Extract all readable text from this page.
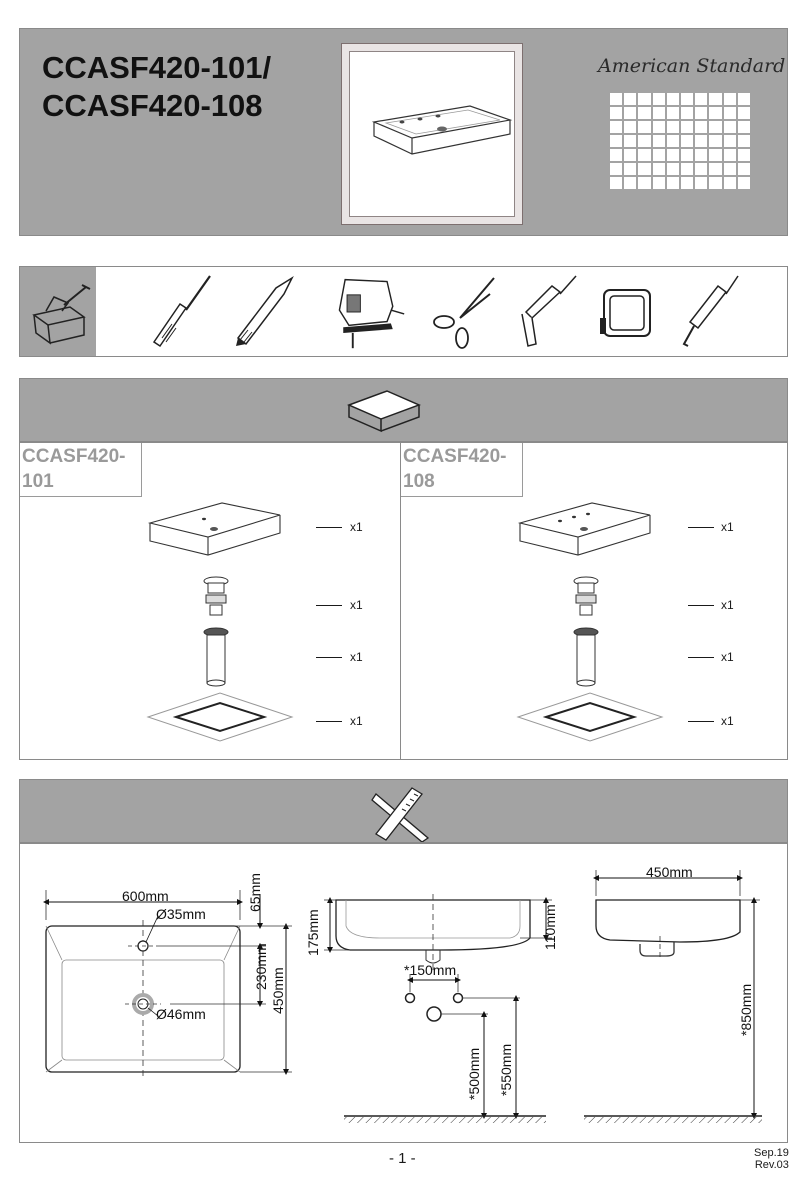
CCASF420-101/
CCASF420-108
American Standard
CCASF420-
101
CCASF420-
108
x1
x1
x1
x1
x1
x1
x1
x1
600mm
Ø35mm
Ø46mm
65mm
230mm
450mm
175mm	110mm
*150mm
*500mm *550mm
450mm
*850mm
- 1 -	Sep.19
Rev.03
